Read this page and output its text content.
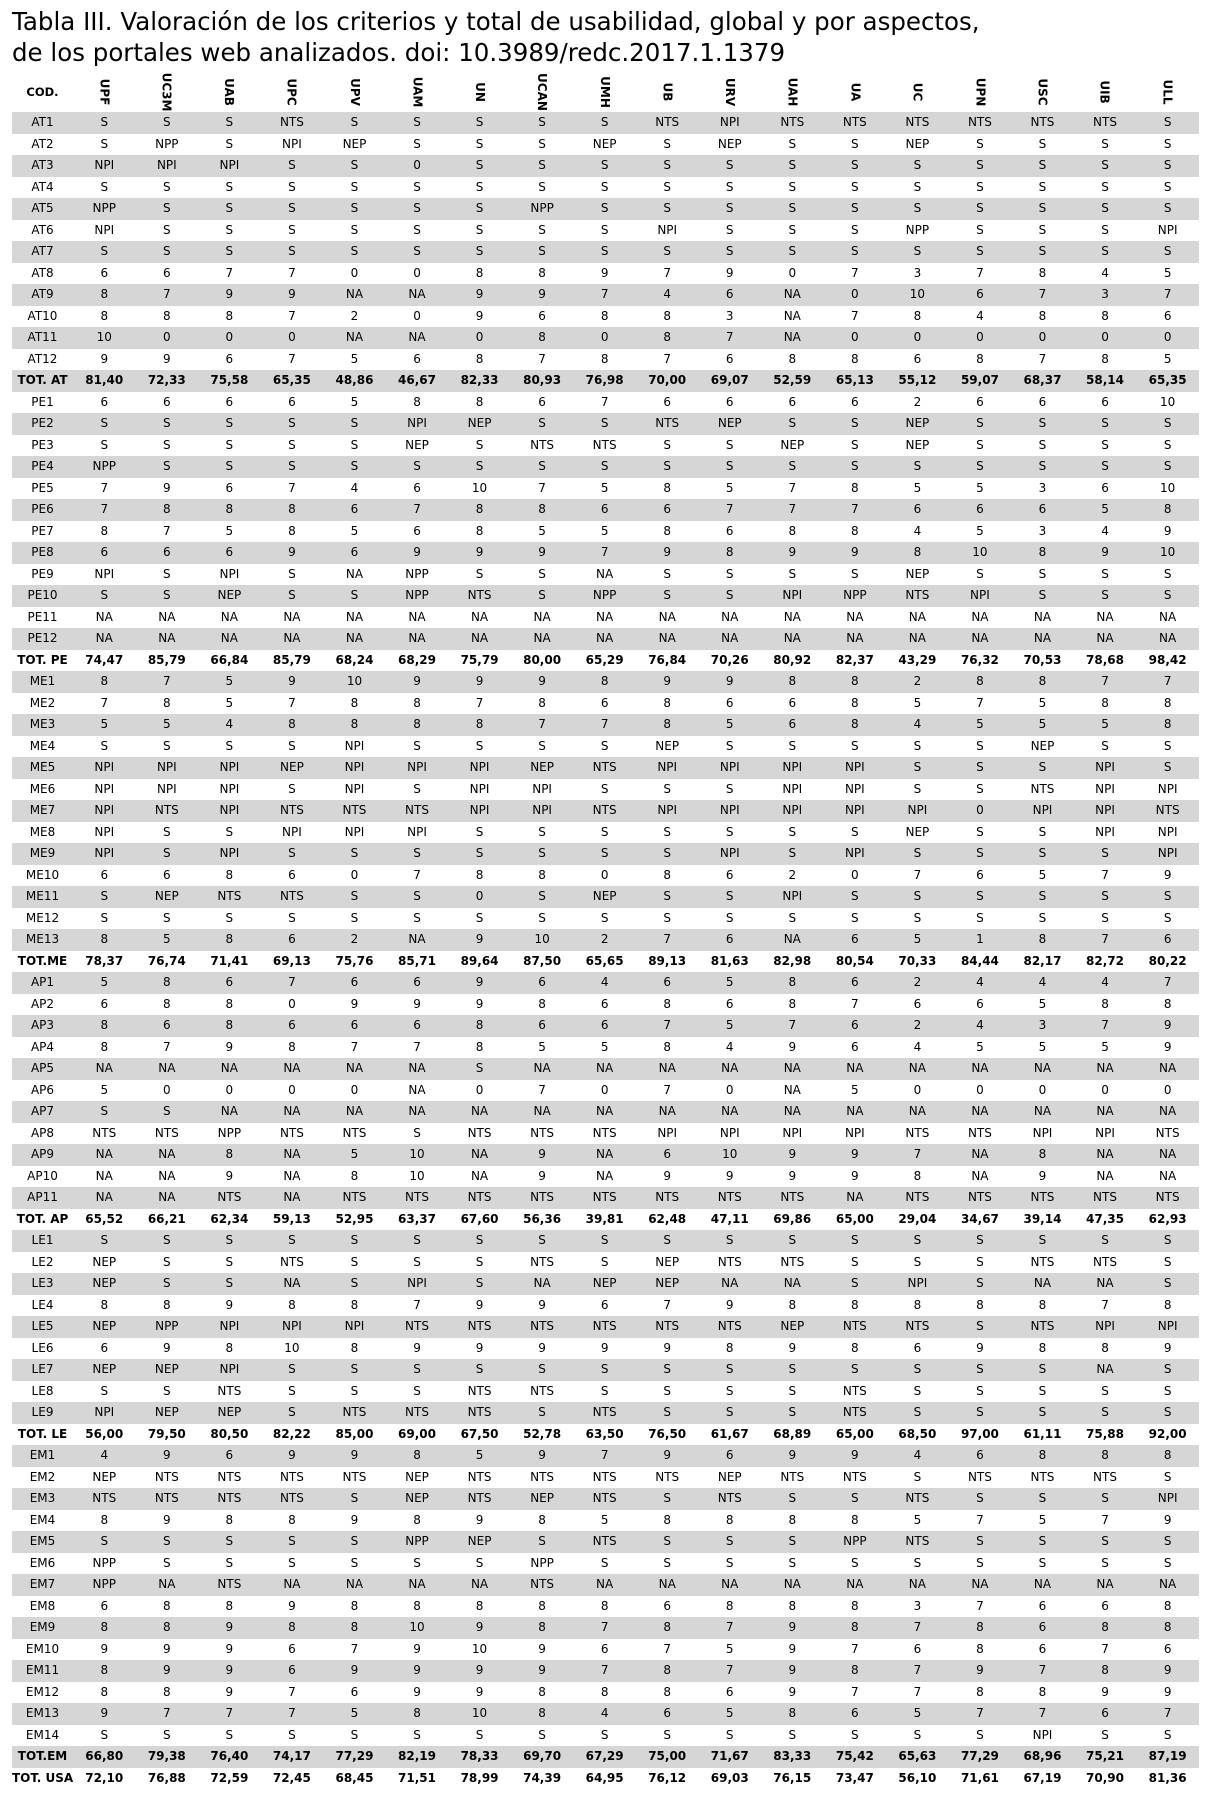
Tabla III. Valoración de los criterios y total de usabilidad, global y por aspectos,
de los portales web analizados. doi: 10.3989/redc.2017.1.1379
COD.	UPF	UC3M	UAB	UPC	UPV	UAM	UN	UCAN	UMH	UB	URV	UAH	UA	UC	UPN	USC	UIB	ULL
AT1	S	S	S	NTS	S	S	S	S	S	NTS	NPI	NTS	NTS	NTS	NTS	NTS	NTS	S
AT2	S	NPP	S	NPI	NEP	S	S	S	NEP	S	NEP	S	S	NEP	S	S	S	S
AT3	NPI	NPI	NPI	S	S	0	S	S	S	S	S	S	S	S	S	S	S	S
AT4	S	S	S	S	S	S	S	S	S	S	S	S	S	S	S	S	S	S
AT5	NPP	S	S	S	S	S	S	NPP	S	S	S	S	S	S	S	S	S	S
AT6	NPI	S	S	S	S	S	S	S	S	NPI	S	S	S	NPP	S	S	S	NPI
AT7	S	S	S	S	S	S	S	S	S	S	S	S	S	S	S	S	S	S
AT8	6	6	7	7	0	0	8	8	9	7	9	0	7	3	7	8	4	5
AT9	8	7	9	9	NA	NA	9	9	7	4	6	NA	0	10	6	7	3	7
AT10	8	8	8	7	2	0	9	6	8	8	3	NA	7	8	4	8	8	6
AT11	10	0	0	0	NA	NA	0	8	0	8	7	NA	0	0	0	0	0	0
AT12	9	9	6	7	5	6	8	7	8	7	6	8	8	6	8	7	8	5
TOT. AT	81,40	72,33	75,58	65,35	48,86	46,67	82,33	80,93	76,98	70,00	69,07	52,59	65,13	55,12	59,07	68,37	58,14	65,35
PE1	6	6	6	6	5	8	8	6	7	6	6	6	6	2	6	6	6	10
PE2	S	S	S	S	S	NPI	NEP	S	S	NTS	NEP	S	S	NEP	S	S	S	S
PE3	S	S	S	S	S	NEP	S	NTS	NTS	S	S	NEP	S	NEP	S	S	S	S
PE4	NPP	S	S	S	S	S	S	S	S	S	S	S	S	S	S	S	S	S
PE5	7	9	6	7	4	6	10	7	5	8	5	7	8	5	5	3	6	10
PE6	7	8	8	8	6	7	8	8	6	6	7	7	7	6	6	6	5	8
PE7	8	7	5	8	5	6	8	5	5	8	6	8	8	4	5	3	4	9
PE8	6	6	6	9	6	9	9	9	7	9	8	9	9	8	10	8	9	10
PE9	NPI	S	NPI	S	NA	NPP	S	S	NA	S	S	S	S	NEP	S	S	S	S
PE10	S	S	NEP	S	S	NPP	NTS	S	NPP	S	S	NPI	NPP	NTS	NPI	S	S	S
PE11	NA	NA	NA	NA	NA	NA	NA	NA	NA	NA	NA	NA	NA	NA	NA	NA	NA	NA
PE12	NA	NA	NA	NA	NA	NA	NA	NA	NA	NA	NA	NA	NA	NA	NA	NA	NA	NA
TOT. PE	74,47	85,79	66,84	85,79	68,24	68,29	75,79	80,00	65,29	76,84	70,26	80,92	82,37	43,29	76,32	70,53	78,68	98,42
ME1	8	7	5	9	10	9	9	9	8	9	9	8	8	2	8	8	7	7
ME2	7	8	5	7	8	8	7	8	6	8	6	6	8	5	7	5	8	8
ME3	5	5	4	8	8	8	8	7	7	8	5	6	8	4	5	5	5	8
ME4	S	S	S	S	NPI	S	S	S	S	NEP	S	S	S	S	S	NEP	S	S
ME5	NPI	NPI	NPI	NEP	NPI	NPI	NPI	NEP	NTS	NPI	NPI	NPI	NPI	S	S	S	NPI	S
ME6	NPI	NPI	NPI	S	NPI	S	NPI	NPI	S	S	S	NPI	NPI	S	S	NTS	NPI	NPI
ME7	NPI	NTS	NPI	NTS	NTS	NTS	NPI	NPI	NTS	NPI	NPI	NPI	NPI	NPI	0	NPI	NPI	NTS
ME8	NPI	S	S	NPI	NPI	NPI	S	S	S	S	S	S	S	NEP	S	S	NPI	NPI
ME9	NPI	S	NPI	S	S	S	S	S	S	S	NPI	S	NPI	S	S	S	S	NPI
ME10	6	6	8	6	0	7	8	8	0	8	6	2	0	7	6	5	7	9
ME11	S	NEP	NTS	NTS	S	S	0	S	NEP	S	S	NPI	S	S	S	S	S	S
ME12	S	S	S	S	S	S	S	S	S	S	S	S	S	S	S	S	S	S
ME13	8	5	8	6	2	NA	9	10	2	7	6	NA	6	5	1	8	7	6
TOT.ME	78,37	76,74	71,41	69,13	75,76	85,71	89,64	87,50	65,65	89,13	81,63	82,98	80,54	70,33	84,44	82,17	82,72	80,22
AP1	5	8	6	7	6	6	9	6	4	6	5	8	6	2	4	4	4	7
AP2	6	8	8	0	9	9	9	8	6	8	6	8	7	6	6	5	8	8
AP3	8	6	8	6	6	6	8	6	6	7	5	7	6	2	4	3	7	9
AP4	8	7	9	8	7	7	8	5	5	8	4	9	6	4	5	5	5	9
AP5	NA	NA	NA	NA	NA	NA	S	NA	NA	NA	NA	NA	NA	NA	NA	NA	NA	NA
AP6	5	0	0	0	0	NA	0	7	0	7	0	NA	5	0	0	0	0	0
AP7	S	S	NA	NA	NA	NA	NA	NA	NA	NA	NA	NA	NA	NA	NA	NA	NA	NA
AP8	NTS	NTS	NPP	NTS	NTS	S	NTS	NTS	NTS	NPI	NPI	NPI	NPI	NTS	NTS	NPI	NPI	NTS
AP9	NA	NA	8	NA	5	10	NA	9	NA	6	10	9	9	7	NA	8	NA	NA
AP10	NA	NA	9	NA	8	10	NA	9	NA	9	9	9	9	8	NA	9	NA	NA
AP11	NA	NA	NTS	NA	NTS	NTS	NTS	NTS	NTS	NTS	NTS	NTS	NA	NTS	NTS	NTS	NTS	NTS
TOT. AP	65,52	66,21	62,34	59,13	52,95	63,37	67,60	56,36	39,81	62,48	47,11	69,86	65,00	29,04	34,67	39,14	47,35	62,93
LE1	S	S	S	S	S	S	S	S	S	S	S	S	S	S	S	S	S	S
LE2	NEP	S	S	NTS	S	S	S	NTS	S	NEP	NTS	NTS	S	S	S	NTS	NTS	S
LE3	NEP	S	S	NA	S	NPI	S	NA	NEP	NEP	NA	NA	S	NPI	S	NA	NA	S
LE4	8	8	9	8	8	7	9	9	6	7	9	8	8	8	8	8	7	8
LE5	NEP	NPP	NPI	NPI	NPI	NTS	NTS	NTS	NTS	NTS	NTS	NEP	NTS	NTS	S	NTS	NPI	NPI
LE6	6	9	8	10	8	9	9	9	9	9	8	9	8	6	9	8	8	9
LE7	NEP	NEP	NPI	S	S	S	S	S	S	S	S	S	S	S	S	S	NA	S
LE8	S	S	NTS	S	S	S	NTS	NTS	S	S	S	S	NTS	S	S	S	S	S
LE9	NPI	NEP	NEP	S	NTS	NTS	NTS	S	NTS	S	S	S	NTS	S	S	S	S	S
TOT. LE	56,00	79,50	80,50	82,22	85,00	69,00	67,50	52,78	63,50	76,50	61,67	68,89	65,00	68,50	97,00	61,11	75,88	92,00
EM1	4	9	6	9	9	8	5	9	7	9	6	9	9	4	6	8	8	8
EM2	NEP	NTS	NTS	NTS	NTS	NEP	NTS	NTS	NTS	NTS	NEP	NTS	NTS	S	NTS	NTS	NTS	S
EM3	NTS	NTS	NTS	NTS	S	NEP	NTS	NEP	NTS	S	NTS	S	S	NTS	S	S	S	NPI
EM4	8	9	8	8	9	8	9	8	5	8	8	8	8	5	7	5	7	9
EM5	S	S	S	S	S	NPP	NEP	S	NTS	S	S	S	NPP	NTS	S	S	S	S
EM6	NPP	S	S	S	S	S	S	NPP	S	S	S	S	S	S	S	S	S	S
EM7	NPP	NA	NTS	NA	NA	NA	NA	NTS	NA	NA	NA	NA	NA	NA	NA	NA	NA	NA
EM8	6	8	8	9	8	8	8	8	8	6	8	8	8	3	7	6	6	8
EM9	8	8	9	8	8	10	9	8	7	8	7	9	8	7	8	6	8	8
EM10	9	9	9	6	7	9	10	9	6	7	5	9	7	6	8	6	7	6
EM11	8	9	9	6	9	9	9	9	7	8	7	9	8	7	9	7	8	9
EM12	8	8	9	7	6	9	9	8	8	8	6	9	7	7	8	8	9	9
EM13	9	7	7	7	5	8	10	8	4	6	5	8	6	5	7	7	6	7
EM14	S	S	S	S	S	S	S	S	S	S	S	S	S	S	S	NPI	S	S
TOT.EM	66,80	79,38	76,40	74,17	77,29	82,19	78,33	69,70	67,29	75,00	71,67	83,33	75,42	65,63	77,29	68,96	75,21	87,19
TOT. USA	72,10	76,88	72,59	72,45	68,45	71,51	78,99	74,39	64,95	76,12	69,03	76,15	73,47	56,10	71,61	67,19	70,90	81,36
